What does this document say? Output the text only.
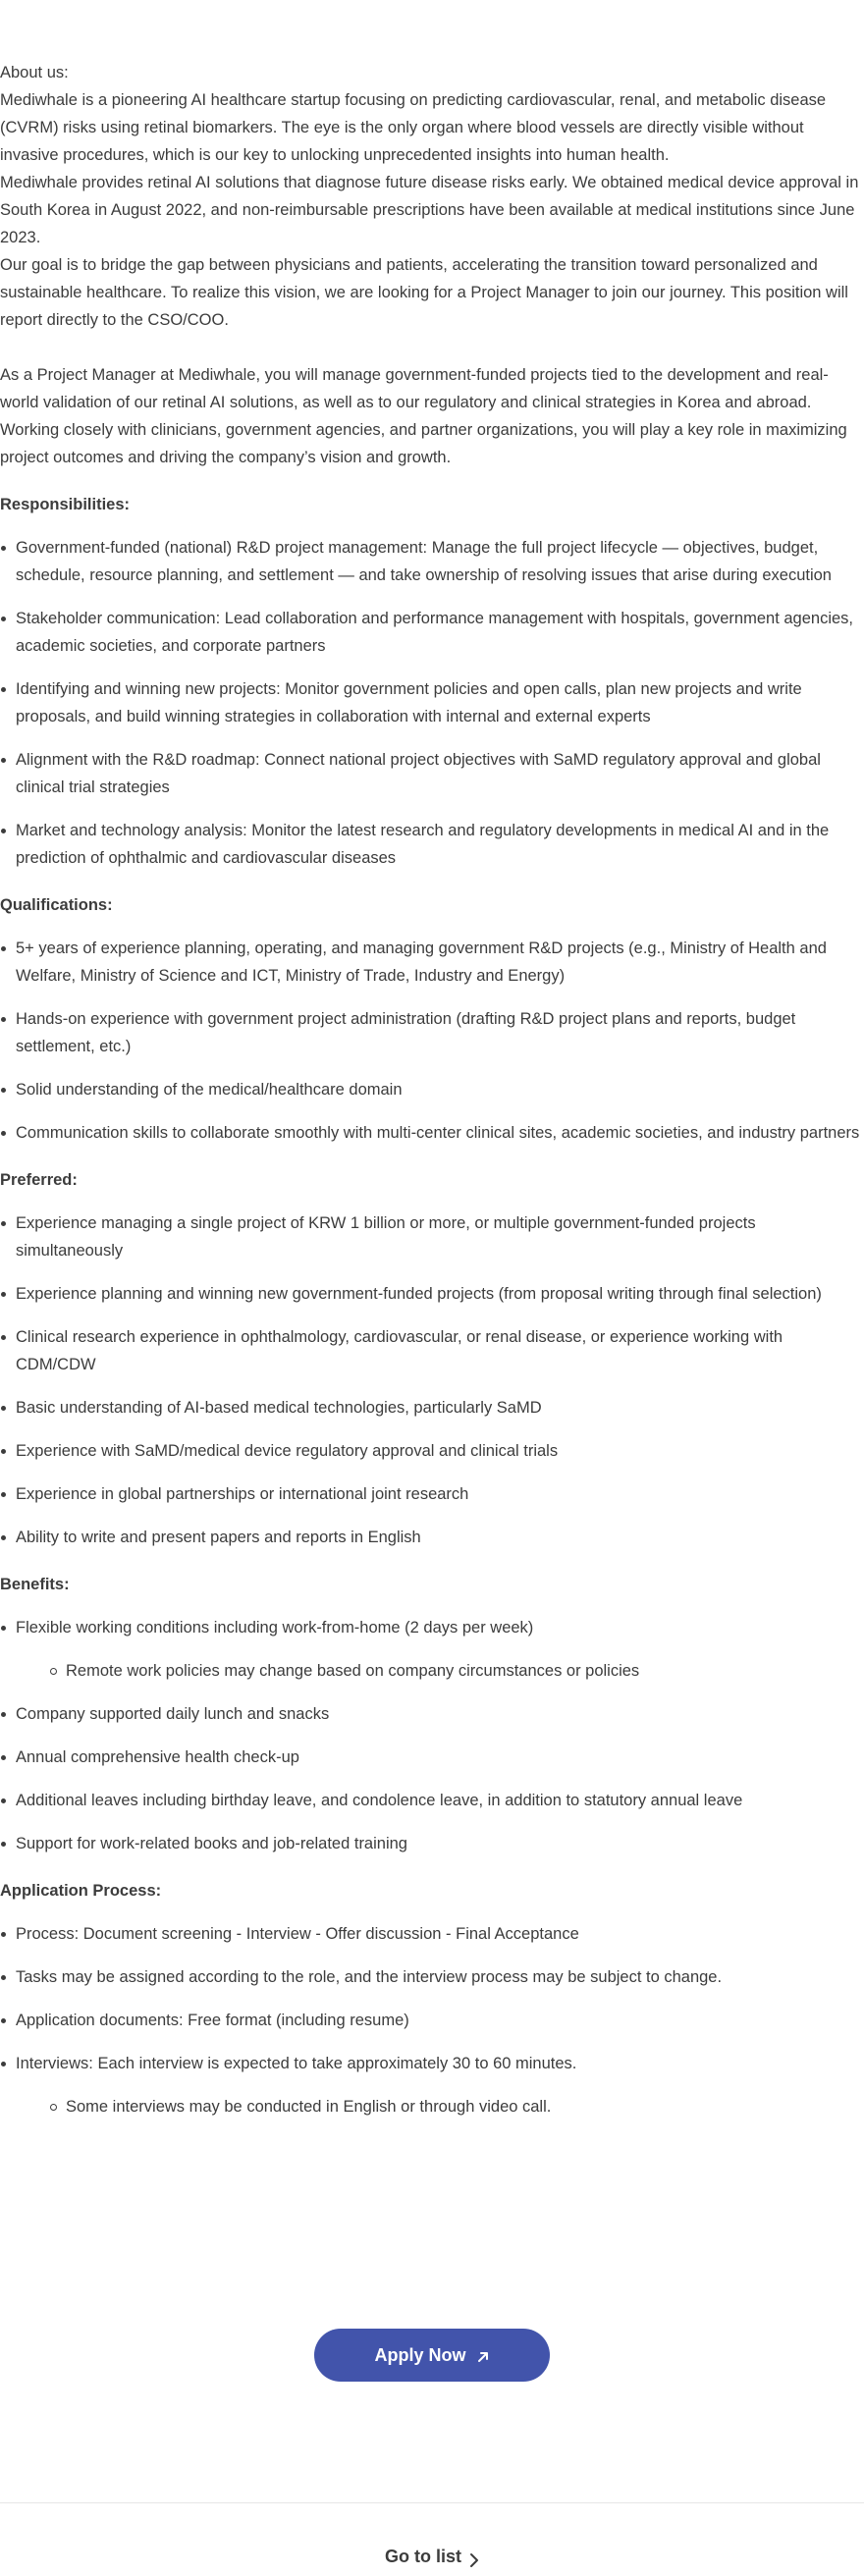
About us:

Mediwhale is a pioneering AI healthcare startup focusing on predicting cardiovascular, renal, and metabolic disease (CVRM) risks using retinal biomarkers. The eye is the only organ where blood vessels are directly visible without invasive procedures, which is our key to unlocking unprecedented insights into human health.

Mediwhale provides retinal AI solutions that diagnose future disease risks early. We obtained medical device approval in South Korea in August 2022, and non-reimbursable prescriptions have been available at medical institutions since June 2023.

Our goal is to bridge the gap between physicians and patients, accelerating the transition toward personalized and sustainable healthcare. To realize this vision, we are looking for a Project Manager to join our journey. This position will report directly to the CSO/COO.

As a Project Manager at Mediwhale, you will manage government-funded projects tied to the development and real-world validation of our retinal AI solutions, as well as to our regulatory and clinical strategies in Korea and abroad. Working closely with clinicians, government agencies, and partner organizations, you will play a key role in maximizing project outcomes and driving the company’s vision and growth.

Responsibilities:

Government-funded (national) R&D project management: Manage the full project lifecycle — objectives, budget, schedule, resource planning, and settlement — and take ownership of resolving issues that arise during execution
Stakeholder communication: Lead collaboration and performance management with hospitals, government agencies, academic societies, and corporate partners
Identifying and winning new projects: Monitor government policies and open calls, plan new projects and write proposals, and build winning strategies in collaboration with internal and external experts
Alignment with the R&D roadmap: Connect national project objectives with SaMD regulatory approval and global clinical trial strategies
Market and technology analysis: Monitor the latest research and regulatory developments in medical AI and in the prediction of ophthalmic and cardiovascular diseases

Qualifications:

5+ years of experience planning, operating, and managing government R&D projects (e.g., Ministry of Health and Welfare, Ministry of Science and ICT, Ministry of Trade, Industry and Energy)
Hands-on experience with government project administration (drafting R&D project plans and reports, budget settlement, etc.)
Solid understanding of the medical/healthcare domain
Communication skills to collaborate smoothly with multi-center clinical sites, academic societies, and industry partners

Preferred:

Experience managing a single project of KRW 1 billion or more, or multiple government-funded projects simultaneously
Experience planning and winning new government-funded projects (from proposal writing through final selection)
Clinical research experience in ophthalmology, cardiovascular, or renal disease, or experience working with CDM/CDW
Basic understanding of AI-based medical technologies, particularly SaMD
Experience with SaMD/medical device regulatory approval and clinical trials
Experience in global partnerships or international joint research
Ability to write and present papers and reports in English

Benefits:

Flexible working conditions including work-from-home (2 days per week)
Remote work policies may change based on company circumstances or policies
Company supported daily lunch and snacks
Annual comprehensive health check-up
Additional leaves including birthday leave, and condolence leave, in addition to statutory annual leave
Support for work-related books and job-related training

Application Process:

Process: Document screening - Interview - Offer discussion - Final Acceptance
Tasks may be assigned according to the role, and the interview process may be subject to change.
Application documents: Free format (including resume)
Interviews: Each interview is expected to take approximately 30 to 60 minutes.
Some interviews may be conducted in English or through video call.
Apply Now
Go to list
